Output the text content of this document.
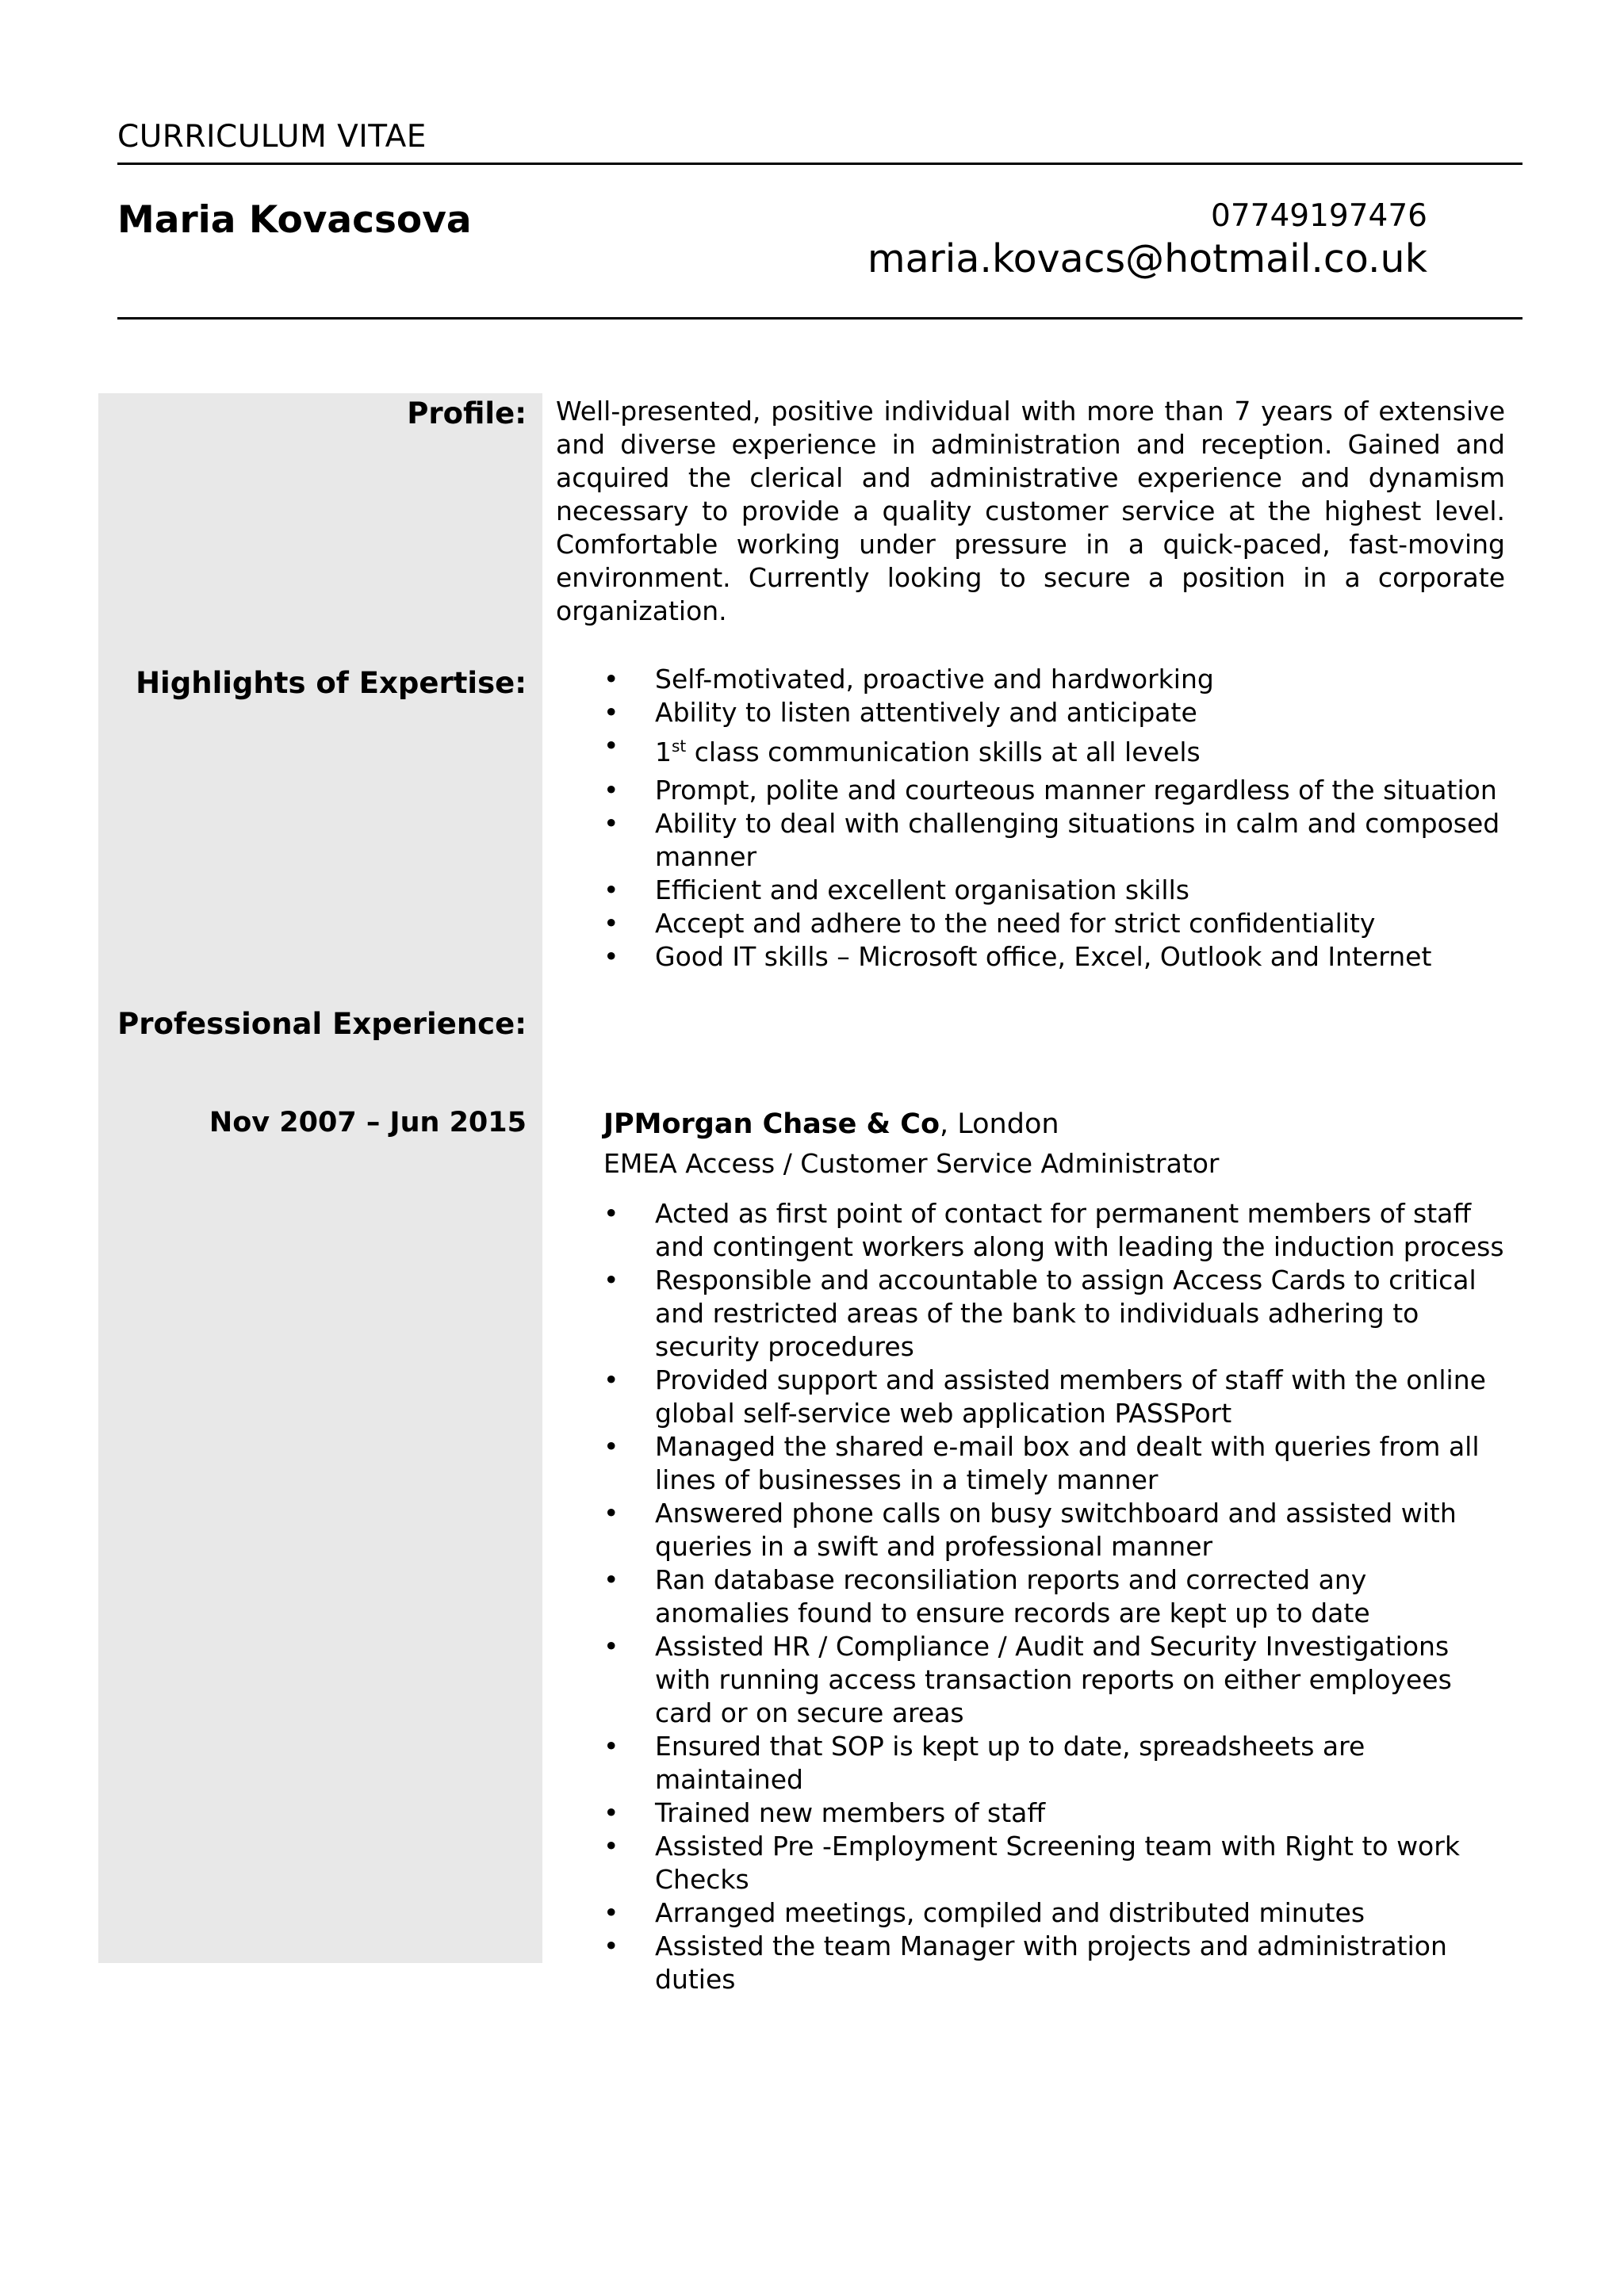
CURRICULUM VITAE
Maria Kovacsova	07749197476
maria.kovacs@hotmail.co.uk
Profile: Well-presented, positive individual with more than 7 years of extensive and diverse experience in administration and reception. Gained and acquired the clerical and administrative experience and dynamism necessary to provide a quality customer service at the highest level. Comfortable working under pressure in a quick-paced, fast-moving environment. Currently looking to secure a position in a corporate organization.

Highlights of Expertise:
•	Self-motivated, proactive and hardworking
• Ability to listen attentively and anticipate
• 1st class communication skills at all levels
• Prompt, polite and courteous manner regardless of the situation
• Ability to deal with challenging situations in calm and composed manner
• Efficient and excellent organisation skills
• Accept and adhere to the need for strict confidentiality
• Good IT skills – Microsoft office, Excel, Outlook and Internet
Professional Experience:
Nov 2007 – Jun 2015	JPMorgan Chase & Co, London
EMEA Access / Customer Service Administrator
• Acted as first point of contact for permanent members of staff and contingent workers along with leading the induction process
• Responsible and accountable to assign Access Cards to critical and restricted areas of the bank to individuals adhering to security procedures
• Provided support and assisted members of staff with the online global self-service web application PASSPort
• Managed the shared e-mail box and dealt with queries from all lines of businesses in a timely manner
• Answered phone calls on busy switchboard and assisted with queries in a swift and professional manner
• Ran database reconsiliation reports and corrected any anomalies found to ensure records are kept up to date
• Assisted HR / Compliance / Audit and Security Investigations with running access transaction reports on either employees card or on secure areas
• Ensured that SOP is kept up to date, spreadsheets are maintained
• Trained new members of staff
• Assisted Pre -Employment Screening team with Right to work Checks
• Arranged meetings, compiled and distributed minutes
• Assisted the team Manager with projects and administration duties
